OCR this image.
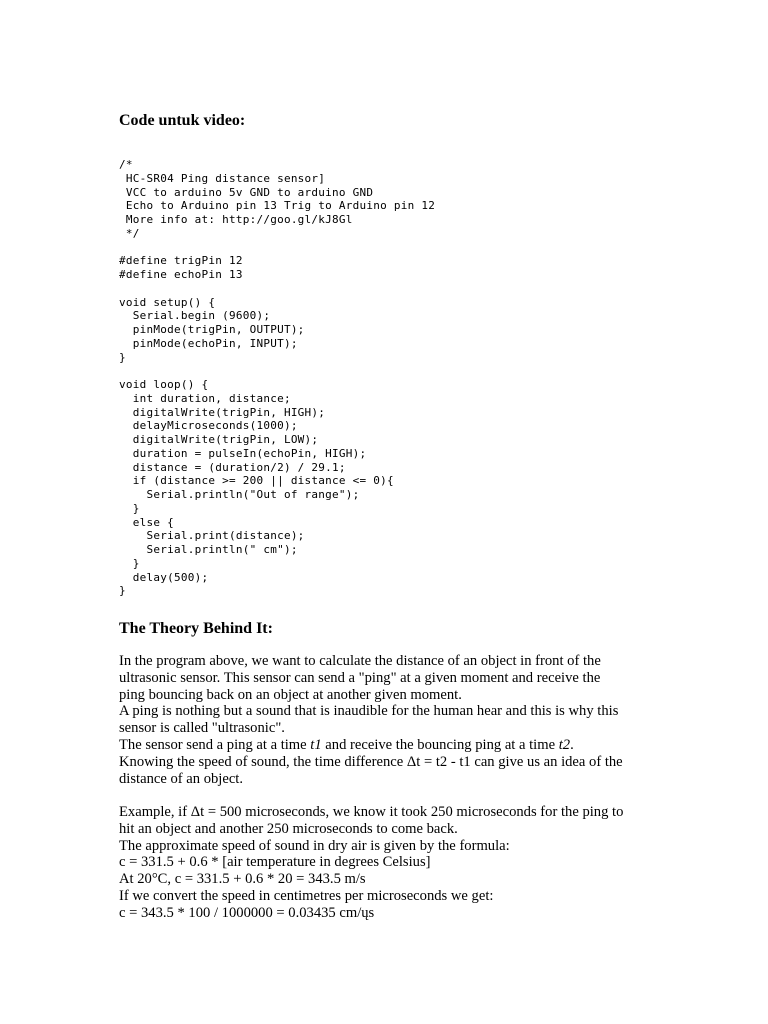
Code untuk video:
/*
HC-SR04 Ping distance sensor]
VCC to arduino 5v GND to arduino GND
Echo to Arduino pin 13 Trig to Arduino pin 12
More info at: http://goo.gl/kJ8Gl
*/

#define trigPin 12
#define echoPin 13

void setup() {
Serial.begin (9600);
pinMode(trigPin, OUTPUT);
pinMode(echoPin, INPUT);
}

void loop() {
int duration, distance;
digitalWrite(trigPin, HIGH);
delayMicroseconds(1000);
digitalWrite(trigPin, LOW);
duration = pulseIn(echoPin, HIGH);
distance = (duration/2) / 29.1;
if (distance >= 200 || distance <= 0){
Serial.println("Out of range");
}
else {
Serial.print(distance);
Serial.println(" cm");
}
delay(500);
}

The Theory Behind It:
In the program above, we want to calculate the distance of an object in front of the
ultrasonic sensor. This sensor can send a "ping" at a given moment and receive the
ping bouncing back on an object at another given moment.
A ping is nothing but a sound that is inaudible for the human hear and this is why this
sensor is called "ultrasonic".
The sensor send a ping at a time t1 and receive the bouncing ping at a time t2.
Knowing the speed of sound, the time difference Δt = t2 - t1 can give us an idea of the
distance of an object.
Example, if Δt = 500 microseconds, we know it took 250 microseconds for the ping to
hit an object and another 250 microseconds to come back.
The approximate speed of sound in dry air is given by the formula:
c = 331.5 + 0.6 * [air temperature in degrees Celsius]
At 20°C, c = 331.5 + 0.6 * 20 = 343.5 m/s
If we convert the speed in centimetres per microseconds we get:
c = 343.5 * 100 / 1000000 = 0.03435 cm/ųs
